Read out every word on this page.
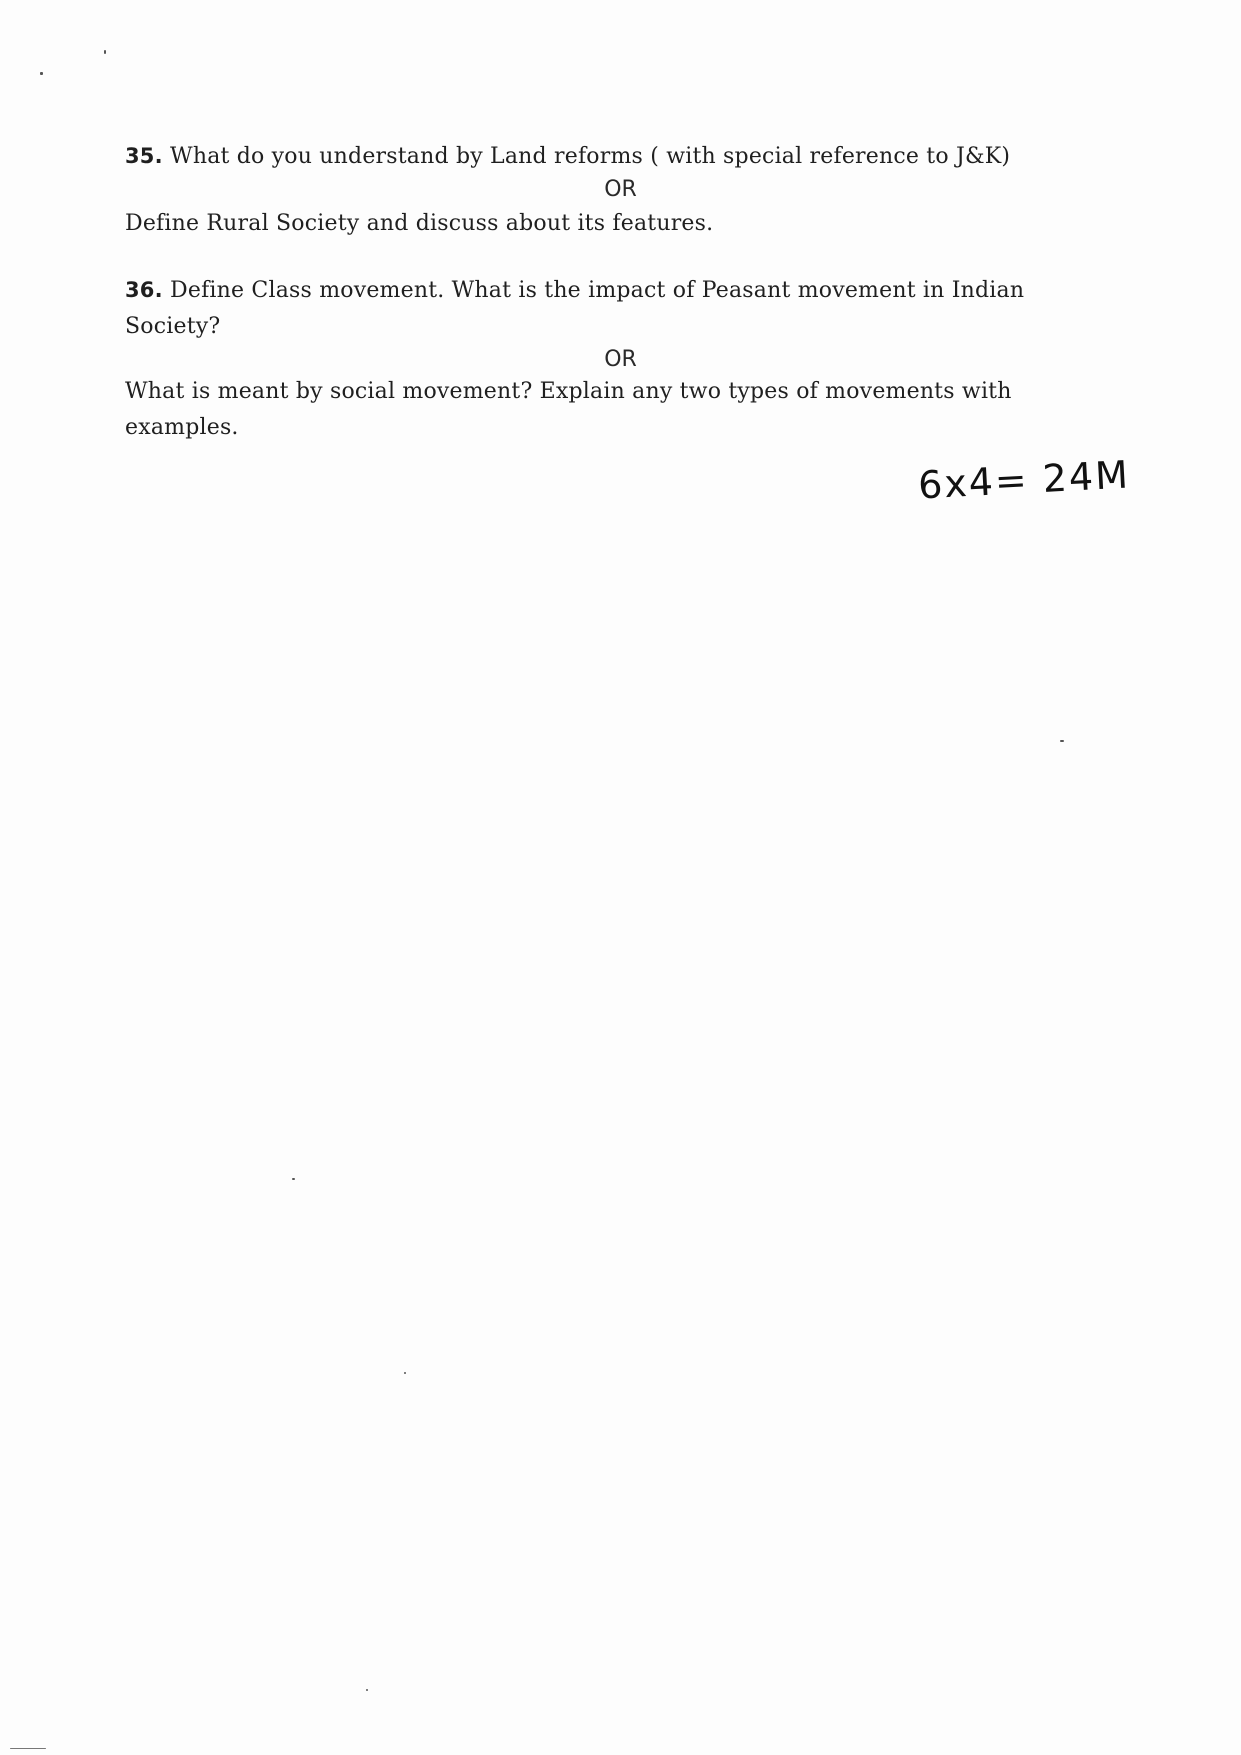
35. What do you understand by Land reforms ( with special reference to J&K)
OR
Define Rural Society and discuss about its features.
36. Define Class movement. What is the impact of Peasant movement in Indian Society?
OR
What is meant by social movement? Explain any two types of movements with examples.
6x4= 24M
